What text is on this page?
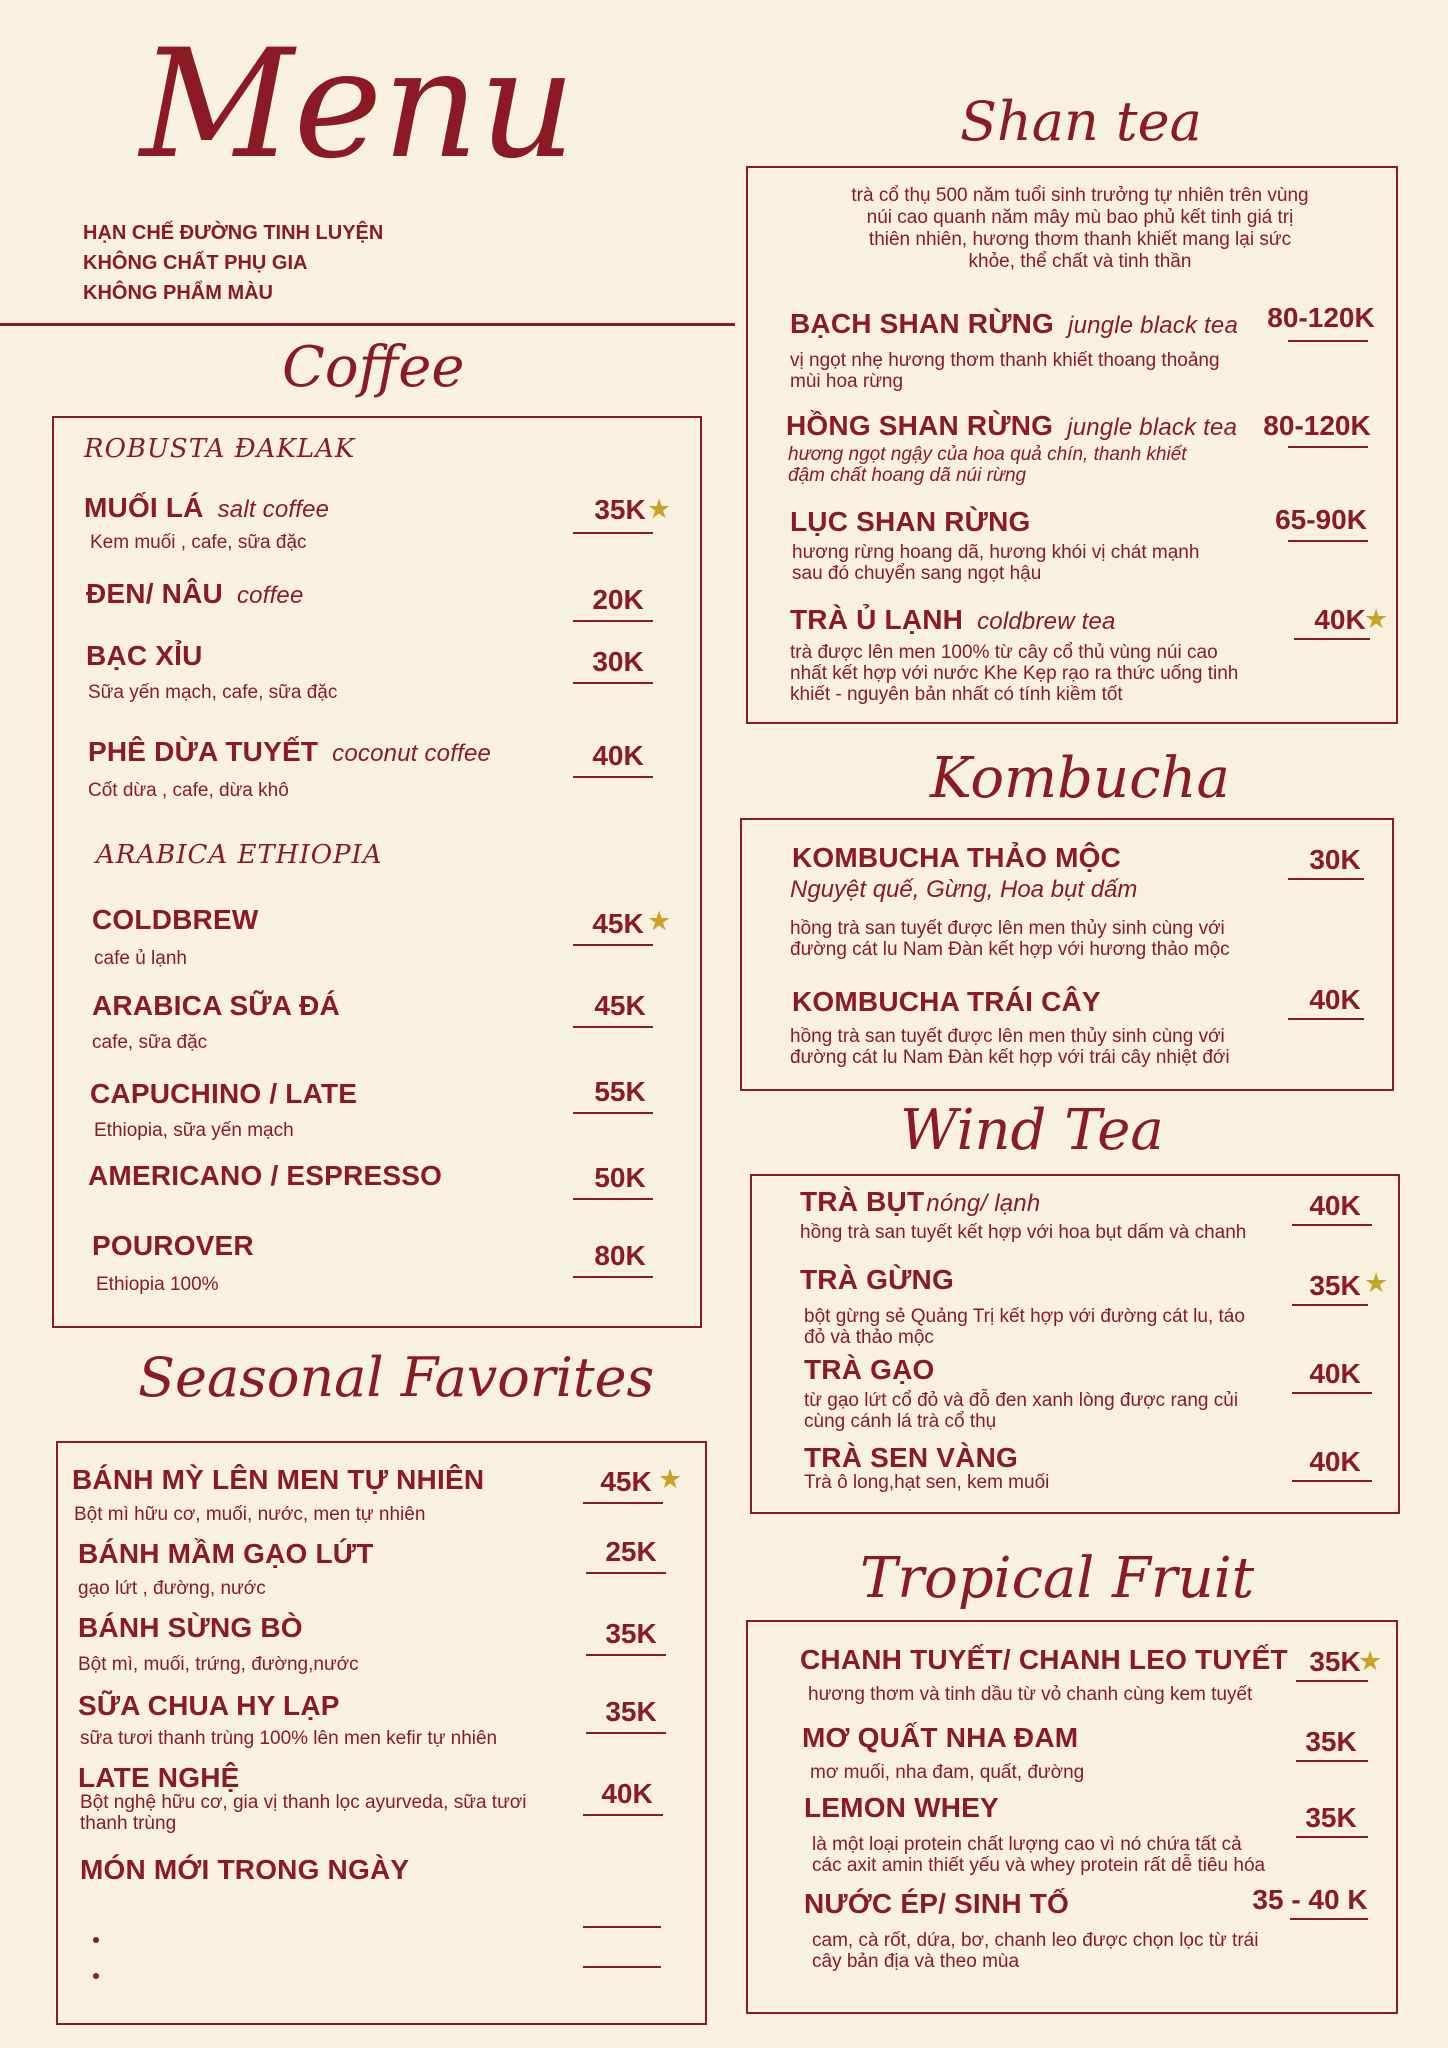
Menu
HẠN CHẾ ĐƯỜNG TINH LUYỆN
KHÔNG CHẤT PHỤ GIA
KHÔNG PHẨM MÀU
Coffee
ROBUSTA ĐAKLAK
MUỐI LÁ salt coffee
Kem muối , cafe, sữa đặc
35K ★
ĐEN/ NÂU coffee	20K
BẠC XỈU
Sữa yến mạch, cafe, sữa đặc
30K
PHÊ DỪA TUYẾT coconut coffee
Cốt dừa , cafe, dừa khô
40K
ARABICA ETHIOPIA
COLDBREW
cafe ủ lạnh
45K ★
ARABICA SỮA ĐÁ
cafe, sữa đặc
45K
CAPUCHINO / LATE
Ethiopia, sữa yến mạch
55K
AMERICANO / ESPRESSO	50K
POUROVER
Ethiopia 100%
80K
Seasonal Favorites
BÁNH MỲ LÊN MEN TỰ NHIÊN
Bột mì hữu cơ, muối, nước, men tự nhiên
45K ★
BÁNH MẦM GẠO LỨT
gạo lứt , đường, nước
25K
BÁNH SỪNG BÒ
Bột mì, muối, trứng, đường,nước
35K
SỮA CHUA HY LẠP
sữa tươi thanh trùng 100% lên men kefir tự nhiên
35K
LATE NGHỆ
Bột nghệ hữu cơ, gia vị thanh lọc ayurveda, sữa tươi thanh trùng
40K
MÓN MỚI TRONG NGÀY
Shan tea
trà cổ thụ 500 năm tuổi sinh trưởng tự nhiên trên vùng núi cao quanh năm mây mù bao phủ kết tinh giá trị thiên nhiên, hương thơm thanh khiết mang lại sức khỏe, thể chất và tinh thần
BẠCH SHAN RỪNG jungle black tea
vị ngọt nhẹ hương thơm thanh khiết thoang thoảng mùi hoa rừng
80-120K
HỒNG SHAN RỪNG jungle black tea
hương ngọt ngậy của hoa quả chín, thanh khiết đậm chất hoang dã núi rừng
80-120K
LỤC SHAN RỪNG
hương rừng hoang dã, hương khói vị chát mạnh sau đó chuyển sang ngọt hậu
65-90K
TRÀ Ủ LẠNH coldbrew tea
trà được lên men 100% từ cây cổ thủ vùng núi cao nhất kết hợp với nước Khe Kẹp rạo ra thức uống tinh khiết - nguyên bản nhất có tính kiềm tốt
40K
★
Kombucha
KOMBUCHA THẢO MỘC
Nguyệt quế, Gừng, Hoa bụt dấm
hồng trà san tuyết được lên men thủy sinh cùng với đường cát lu Nam Đàn kết hợp với hương thảo mộc
30K
KOMBUCHA TRÁI CÂY
hồng trà san tuyết được lên men thủy sinh cùng với đường cát lu Nam Đàn kết hợp với trái cây nhiệt đới
40K
Wind Tea
TRÀ BỤTnóng/ lạnh
hồng trà san tuyết kết hợp với hoa bụt dấm và chanh
40K
TRÀ GỪNG
bột gừng sẻ Quảng Trị kết hợp với đường cát lu, táo đỏ và thảo mộc
35K ★
TRÀ GẠO
từ gạo lứt cổ đỏ và đỗ đen xanh lòng được rang củi cùng cánh lá trà cổ thụ
40K
TRÀ SEN VÀNG
Trà ô long,hạt sen, kem muối
40K
Tropical Fruit
CHANH TUYẾT/ CHANH LEO TUYẾT
hương thơm và tinh dầu từ vỏ chanh cùng kem tuyết
35K
★
MƠ QUẤT NHA ĐAM
mơ muối, nha đam, quất, đường
35K
LEMON WHEY
là một loại protein chất lượng cao vì nó chứa tất cả các axit amin thiết yếu và whey protein rất dễ tiêu hóa
35K
NƯỚC ÉP/ SINH TỐ
cam, cà rốt, dứa, bơ, chanh leo được chọn lọc từ trái cây bản địa và theo mùa
35 - 40 K
